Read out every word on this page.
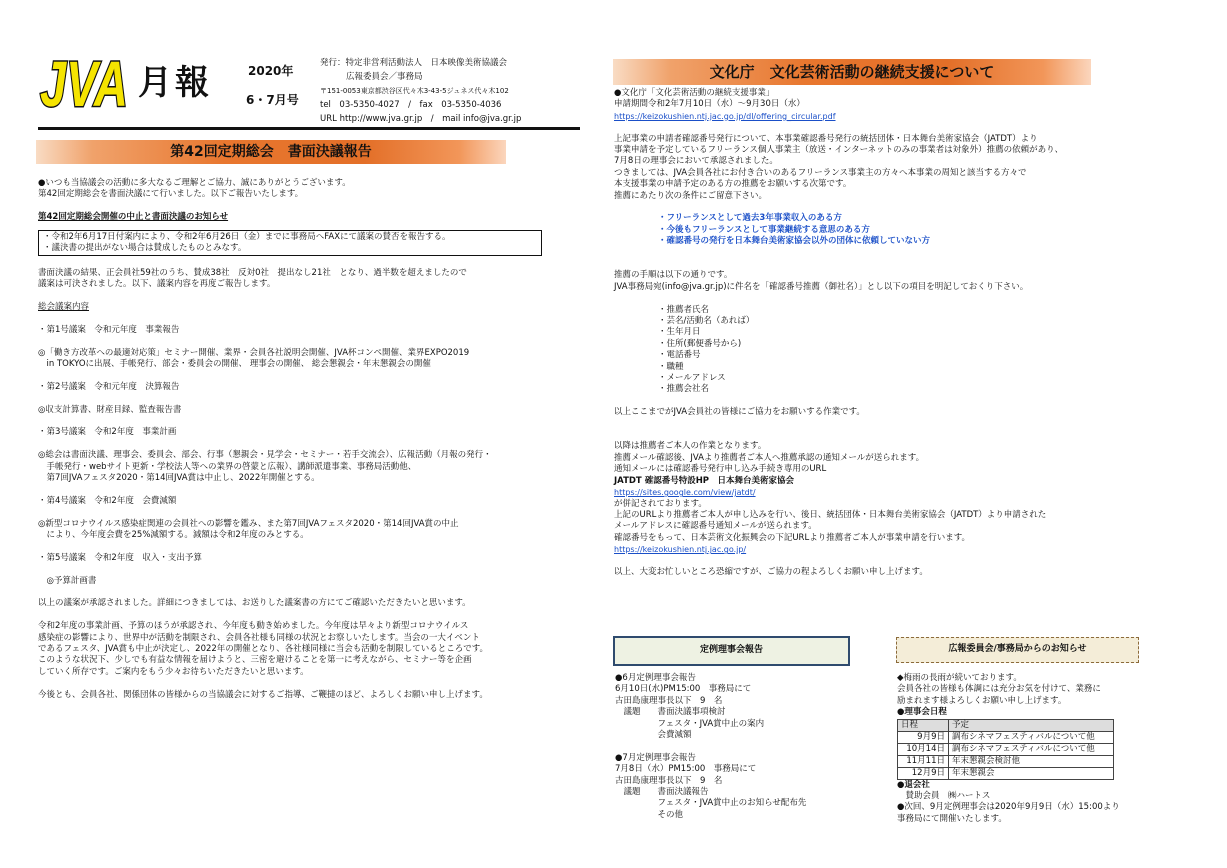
JVA 月報	2020年
6・7月号
発行：特定非営利活動法人　日本映像美術協議会
広報委員会／事務局
〒151-0053東京都渋谷区代々木3-43-5ジュネス代々木102
tel　03-5350-4027　/　fax　03-5350-4036
URL http://www.jva.gr.jp　/　mail info@jva.gr.jp
第42回定期総会　書面決議報告

●いつも当協議会の活動に多大なるご理解とご協力、誠にありがとうございます。

第42回定期総会を書面決議にて行いました。以下ご報告いたします。

第42回定期総会開催の中止と書面決議のお知らせ

・令和2年6月17日付案内により、令和2年6月26日（金）までに事務局へFAXにて議案の賛否を報告する。

・議決書の提出がない場合は賛成したものとみなす。

書面決議の結果、正会員社59社のうち、賛成38社　反対0社　提出なし21社　となり、過半数を超えましたので

議案は可決されました。以下、議案内容を再度ご報告します。

総会議案内容

・第1号議案　令和元年度　事業報告

◎「働き方改革への最適対応策」セミナー開催、業界・会員各社説明会開催、JVA杯コンペ開催、業界EXPO2019

　in TOKYOに出展、手帳発行、部会・委員会の開催、 理事会の開催、 総会懇親会・年末懇親会の開催

・第2号議案　令和元年度　決算報告

◎収支計算書、財産目録、監査報告書

・第3号議案　令和2年度　事業計画

◎総会は書面決議、理事会、委員会、部会、行事（懇親会・見学会・セミナー・若手交流会）、広報活動（月報の発行・

　手帳発行・webサイト更新・学校法人等への業界の啓蒙と広報）、講師派遣事業、事務局活動他、

　第7回JVAフェスタ2020・第14回JVA賞は中止し、2022年開催とする。

・第4号議案　令和2年度　会費減額

◎新型コロナウイルス感染症関連の会員社への影響を鑑み、また第7回JVAフェスタ2020・第14回JVA賞の中止

　により、今年度会費を25%減額する。減額は令和2年度のみとする。

・第5号議案　令和2年度　収入・支出予算

　◎予算計画書

以上の議案が承認されました。詳細につきましては、お送りした議案書の方にてご確認いただきたいと思います。

令和2年度の事業計画、予算のほうが承認され、今年度も動き始めました。今年度は早々より新型コロナウイルス

感染症の影響により、世界中が活動を制限され、会員各社様も同様の状況とお察しいたします。当会の一大イベント

であるフェスタ、JVA賞も中止が決定し、2022年の開催となり、各社様同様に当会も活動を制限しているところです。

このような状況下、少しでも有益な情報を届けようと、三密を避けることを第一に考えながら、セミナー等を企画

していく所存です。ご案内をもう少々お待ちいただきたいと思います。

今後とも、会員各社、関係団体の皆様からの当協議会に対するご指導、ご鞭撻のほど、よろしくお願い申し上げます。

文化庁　文化芸術活動の継続支援について

●文化庁「文化芸術活動の継続支援事業」

申請期間令和2年7月10日（水）～9月30日（水）

https://keizokushien.ntj.jac.go.jp/dl/offering_circular.pdf

上記事業の申請者確認番号発行について、本事業確認番号発行の統括団体・日本舞台美術家協会（JATDT）より

事業申請を予定しているフリーランス個人事業主（放送・インターネットのみの事業者は対象外）推薦の依頼があり、

7月8日の理事会において承認されました。

つきましては、JVA会員各社にお付き合いのあるフリーランス事業主の方々へ本事業の周知と該当する方々で

本支援事業の申請予定のある方の推薦をお願いする次第です。

推薦にあたり次の条件にご留意下さい。

・フリーランスとして過去3年事業収入のある方

・今後もフリーランスとして事業継続する意思のある方

・確認番号の発行を日本舞台美術家協会以外の団体に依頼していない方

推薦の手順は以下の通りです。

JVA事務局宛(info@jva.gr.jp)に件名を「確認番号推薦（御社名）」とし以下の項目を明記しておくり下さい。

・推薦者氏名

・芸名/活動名（あれば）

・生年月日

・住所(郵便番号から)

・電話番号

・職種

・メールアドレス

・推薦会社名

以上ここまでがJVA会員社の皆様にご協力をお願いする作業です。

以降は推薦者ご本人の作業となります。

推薦メール確認後、JVAより推薦者ご本人へ推薦承認の通知メールが送られます。

通知メールには確認番号発行申し込み手続き専用のURL

JATDT 確認番号特設HP　日本舞台美術家協会

https://sites.google.com/view/jatdt/

が併記されております。

上記のURLより推薦者ご本人が申し込みを行い、後日、統括団体・日本舞台美術家協会（JATDT）より申請された

メールアドレスに確認番号通知メールが送られます。

確認番号をもって、日本芸術文化振興会の下記URLより推薦者ご本人が事業申請を行います。

https://keizokushien.ntj.jac.go.jp/

以上、大変お忙しいところ恐縮ですが、ご協力の程よろしくお願い申し上げます。

定例理事会報告

●6月定例理事会報告

6月10日(水)PM15:00　事務局にて

古田島康理事長以下　9　名

　議題　　書面決議事項検討

　　　　　フェスタ・JVA賞中止の案内

　　　　　会費減額

●7月定例理事会報告

7月8日（水）PM15:00　事務局にて

古田島康理事長以下　9　名

　議題　　書面決議報告

　　　　　フェスタ・JVA賞中止のお知らせ配布先

　　　　　その他

広報委員会/事務局からのお知らせ

◆梅雨の長雨が続いております。

会員各社の皆様も体調には充分お気を付けて、業務に

励まれます様よろしくお願い申し上げます。

●理事会日程

日程	予定
9月9日	調布シネマフェスティバルについて他
10月14日	調布シネマフェスティバルについて他
11月11日	年末懇親会検討他
12月9日	年末懇親会

●退会社

　賛助会員　㈱ハートス

●次回、9月定例理事会は2020年9月9日（水）15:00より

事務局にて開催いたします。
